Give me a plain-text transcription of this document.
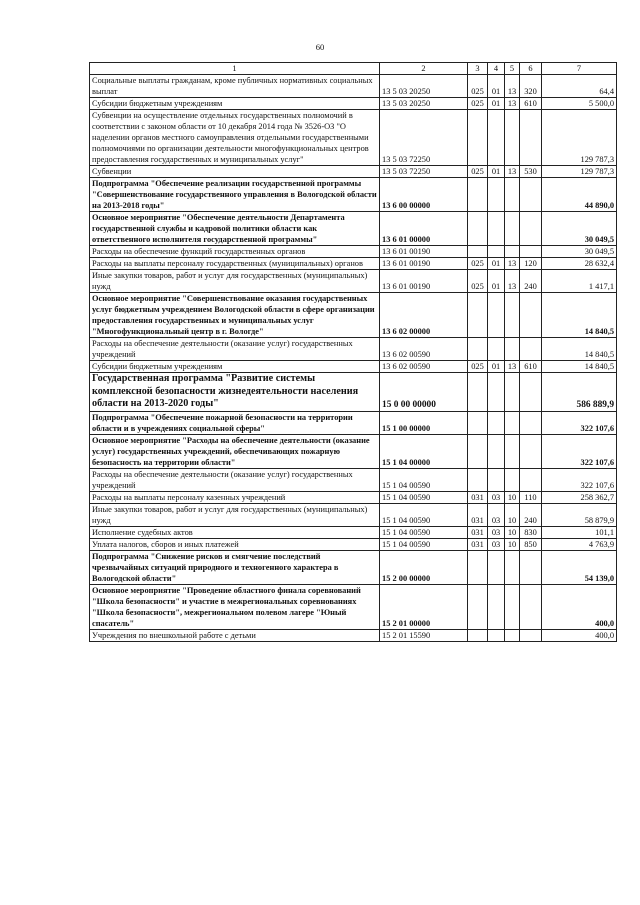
60
1	2	3	4	5	6	7
Социальные выплаты гражданам, кроме публичных нормативных социальных выплат	13 5 03 20250	025	01	13	320	64,4
Субсидии бюджетным учреждениям	13 5 03 20250	025	01	13	610	5 500,0
Субвенции на осуществление отдельных государственных полномочий в соответствии с законом области от 10 декабря 2014 года № 3526-ОЗ "О наделении органов местного самоуправления отдельными государственными полномочиями по организации деятельности многофункциональных центров предоставления государственных и муниципальных услуг"	13 5 03 72250					129 787,3
Субвенции	13 5 03 72250	025	01	13	530	129 787,3
Подпрограмма "Обеспечение реализации государственной программы "Совершенствование государственного управления в Вологодской области на 2013-2018 годы"	13 6 00 00000					44 890,0
Основное мероприятие "Обеспечение деятельности Департамента государственной службы и кадровой политики области как ответственного исполнителя государственной программы"	13 6 01 00000					30 049,5
Расходы на обеспечение функций государственных органов	13 6 01 00190					30 049,5
Расходы на выплаты персоналу государственных (муниципальных) органов	13 6 01 00190	025	01	13	120	28 632,4
Иные закупки товаров, работ и услуг для государственных (муниципальных) нужд	13 6 01 00190	025	01	13	240	1 417,1
Основное мероприятие "Совершенствование оказания государственных услуг бюджетным учреждением Вологодской области в сфере организации предоставления государственных и муниципальных услуг "Многофункциональный центр в г. Вологде"	13 6 02 00000					14 840,5
Расходы на обеспечение деятельности (оказание услуг) государственных учреждений	13 6 02 00590					14 840,5
Субсидии бюджетным учреждениям	13 6 02 00590	025	01	13	610	14 840,5
Государственная программа "Развитие системы комплексной безопасности жизнедеятельности населения области на 2013-2020 годы"	15 0 00 00000					586 889,9
Подпрограмма "Обеспечение пожарной безопасности на территории области и в учреждениях социальной сферы"	15 1 00 00000					322 107,6
Основное мероприятие "Расходы на обеспечение деятельности (оказание услуг) государственных учреждений, обеспечивающих пожарную безопасность на территории области"	15 1 04 00000					322 107,6
Расходы на обеспечение деятельности (оказание услуг) государственных учреждений	15 1 04 00590					322 107,6
Расходы на выплаты персоналу казенных учреждений	15 1 04 00590	031	03	10	110	258 362,7
Иные закупки товаров, работ и услуг для государственных (муниципальных) нужд	15 1 04 00590	031	03	10	240	58 879,9
Исполнение судебных актов	15 1 04 00590	031	03	10	830	101,1
Уплата налогов, сборов и иных платежей	15 1 04 00590	031	03	10	850	4 763,9
Подпрограмма "Снижение рисков и смягчение последствий чрезвычайных ситуаций природного и техногенного характера в Вологодской области"	15 2 00 00000					54 139,0
Основное мероприятие "Проведение областного финала соревнований "Школа безопасности" и участие в межрегиональных соревнованиях "Школа безопасности", межрегиональном полевом лагере "Юный спасатель"	15 2 01 00000					400,0
Учреждения по внешкольной работе с детьми	15 2 01 15590					400,0
